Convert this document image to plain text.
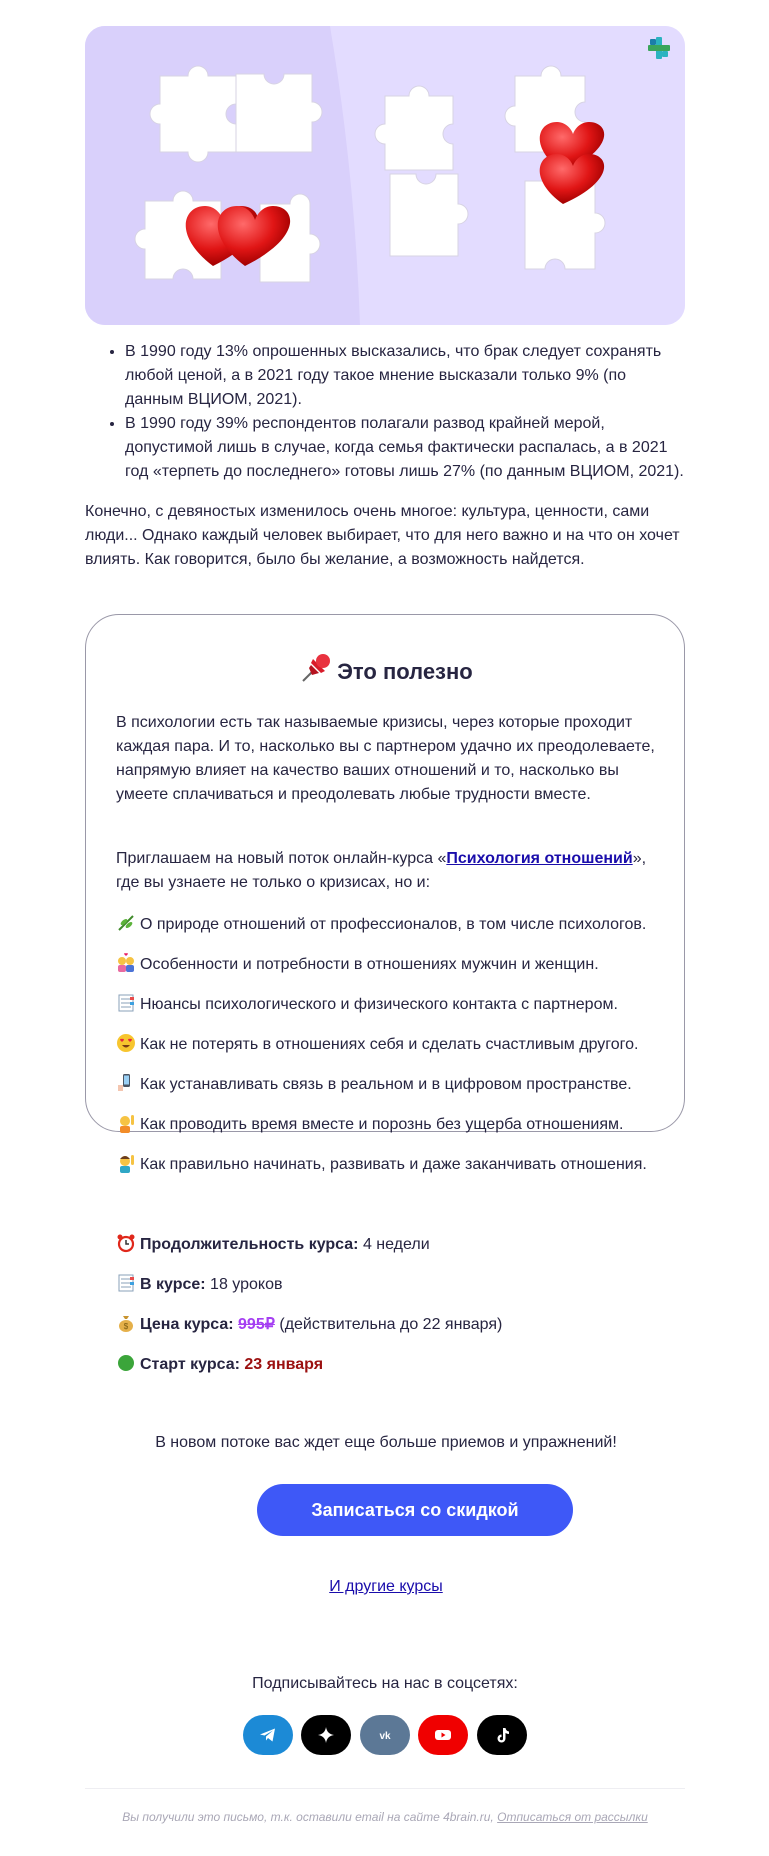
• В 1990 году 13% опрошенных высказались, что брак следует сохранять любой ценой, а в 2021 году такое мнение высказали только 9% (по данным ВЦИОМ, 2021).
• В 1990 году 39% респондентов полагали развод крайней мерой, допустимой лишь в случае, когда семья фактически распалась, а в 2021 год «терпеть до последнего» готовы лишь 27% (по данным ВЦИОМ, 2021).

Конечно, с девяностых изменилось очень многое: культура, ценности, сами люди... Однако каждый человек выбирает, что для него важно и на что он хочет влиять. Как говорится, было бы желание, а возможность найдется.

Это полезно

В психологии есть так называемые кризисы, через которые проходит каждая пара. И то, насколько вы с партнером удачно их преодолеваете, напрямую влияет на качество ваших отношений и то, насколько вы умеете сплачиваться и преодолевать любые трудности вместе.

Приглашаем на новый поток онлайн-курса «Психология отношений», где вы узнаете не только о кризисах, но и:

О природе отношений от профессионалов, в том числе психологов.
Особенности и потребности в отношениях мужчин и женщин.
Нюансы психологического и физического контакта с партнером.
Как не потерять в отношениях себя и сделать счастливым другого.
Как устанавливать связь в реальном и в цифровом пространстве.
Как проводить время вместе и порознь без ущерба отношениям.
Как правильно начинать, развивать и даже заканчивать отношения.
Продолжительность курса: 4 недели
В курсе: 18 уроков
$ Цена курса: 995₽ (действительна до 22 января)
Старт курса: 23 января
В новом потоке вас ждет еще больше приемов и упражнений!
Записаться со скидкой
И другие курсы
Подписывайтесь на нас в соцсетях:
vk
Вы получили это письмо, т.к. оставили email на сайте 4brain.ru, Отписаться от рассылки
